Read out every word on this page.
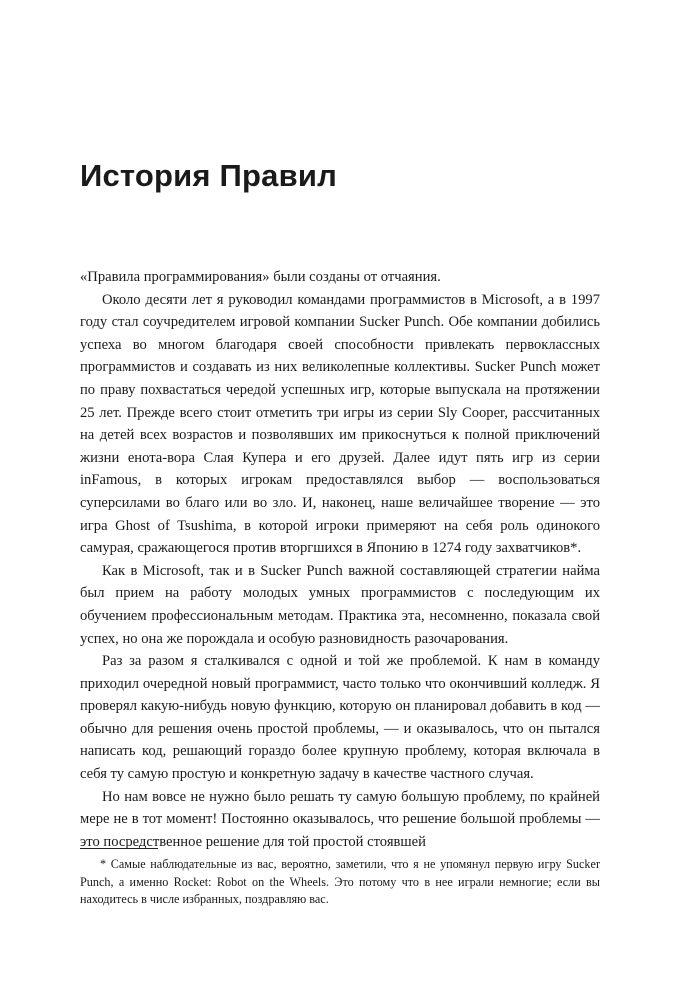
История Правил

«Правила программирования» были созданы от отчаяния.

Около десяти лет я руководил командами программистов в Microsoft, а в 1997 году стал соучредителем игровой компании Sucker Punch. Обе компании добились успеха во многом благодаря своей способности привлекать первоклассных программистов и создавать из них великолепные коллективы. Sucker Punch может по праву похвастаться чередой успешных игр, которые выпускала на протяжении 25 лет. Прежде всего стоит отметить три игры из серии Sly Cooper, рассчитанных на детей всех возрастов и позволявших им прикоснуться к полной приключений жизни енота-вора Слая Купера и его друзей. Далее идут пять игр из серии inFamous, в которых игрокам предоставлялся выбор — воспользоваться суперсилами во благо или во зло. И, наконец, наше величайшее творение — это игра Ghost of Tsushima, в которой игроки примеряют на себя роль одинокого самурая, сражающегося против вторгшихся в Японию в 1274 году захватчиков*.

Как в Microsoft, так и в Sucker Punch важной составляющей стратегии найма был прием на работу молодых умных программистов с последующим их обучением профессиональным методам. Практика эта, несомненно, показала свой успех, но она же порождала и особую разновидность разочарования.

Раз за разом я сталкивался с одной и той же проблемой. К нам в команду приходил очередной новый программист, часто только что окончивший колледж. Я проверял какую-нибудь новую функцию, которую он планировал добавить в код — обычно для решения очень простой проблемы, — и оказывалось, что он пытался написать код, решающий гораздо более крупную проблему, которая включала в себя ту самую простую и конкретную задачу в качестве частного случая.

Но нам вовсе не нужно было решать ту самую большую проблему, по крайней мере не в тот момент! Постоянно оказывалось, что решение большой проблемы — это посредственное решение для той простой стоявшей

* Самые наблюдательные из вас, вероятно, заметили, что я не упомянул первую игру Sucker Punch, а именно Rocket: Robot on the Wheels. Это потому что в нее играли немногие; если вы находитесь в числе избранных, поздравляю вас.
